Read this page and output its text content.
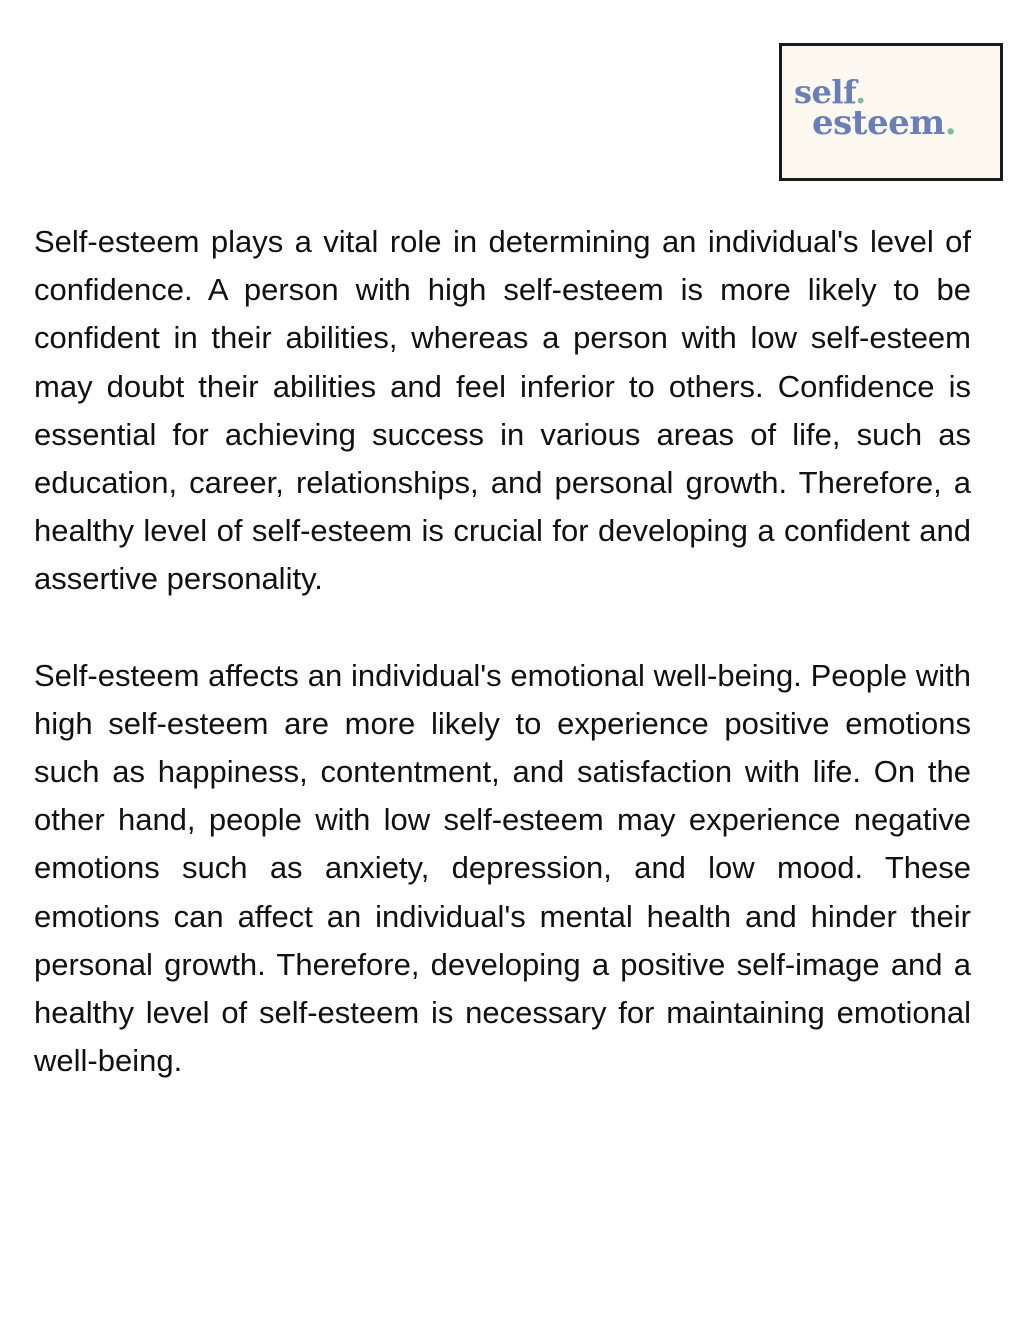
self.
esteem.

Self-esteem plays a vital role in determining an individual's level of confidence. A person with high self-esteem is more likely to be confident in their abilities, whereas a person with low self-esteem may doubt their abilities and feel inferior to others. Confidence is essential for achieving success in various areas of life, such as education, career, relationships, and personal growth. Therefore, a healthy level of self-esteem is crucial for developing a confident and assertive personality.

Self-esteem affects an individual's emotional well-being. People with high self-esteem are more likely to experience positive emotions such as happiness, contentment, and satisfaction with life. On the other hand, people with low self-esteem may experience negative emotions such as anxiety, depression, and low mood. These emotions can affect an individual's mental health and hinder their personal growth. Therefore, developing a positive self-image and a healthy level of self-esteem is necessary for maintaining emotional well-being.
